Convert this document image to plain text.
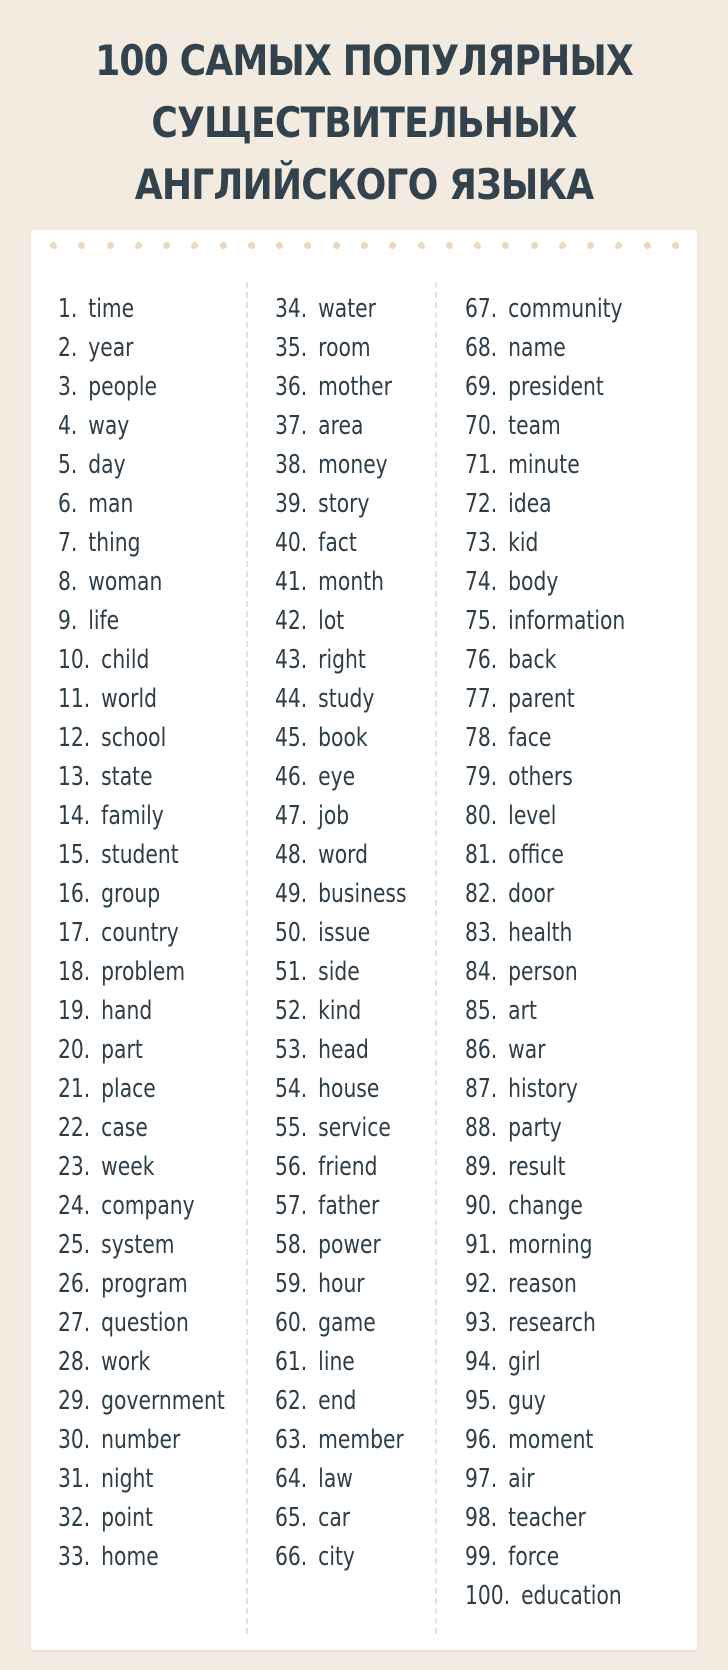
100 САМЫХ ПОПУЛЯРНЫХ
СУЩЕСТВИТЕЛЬНЫХ
АНГЛИЙСКОГО ЯЗЫКА
1. time
2. year
3. people
4. way
5. day
6. man
7. thing
8. woman
9. life
10. child
11. world
12. school
13. state
14. family
15. student
16. group
17. country
18. problem
19. hand
20. part
21. place
22. case
23. week
24. company
25. system
26. program
27. question
28. work
29. government
30. number
31. night
32. point
33. home
34. water
35. room
36. mother
37. area
38. money
39. story
40. fact
41. month
42. lot
43. right
44. study
45. book
46. eye
47. job
48. word
49. business
50. issue
51. side
52. kind
53. head
54. house
55. service
56. friend
57. father
58. power
59. hour
60. game
61. line
62. end
63. member
64. law
65. car
66. city
67. community
68. name
69. president
70. team
71. minute
72. idea
73. kid
74. body
75. information
76. back
77. parent
78. face
79. others
80. level
81. office
82. door
83. health
84. person
85. art
86. war
87. history
88. party
89. result
90. change
91. morning
92. reason
93. research
94. girl
95. guy
96. moment
97. air
98. teacher
99. force
100. education
